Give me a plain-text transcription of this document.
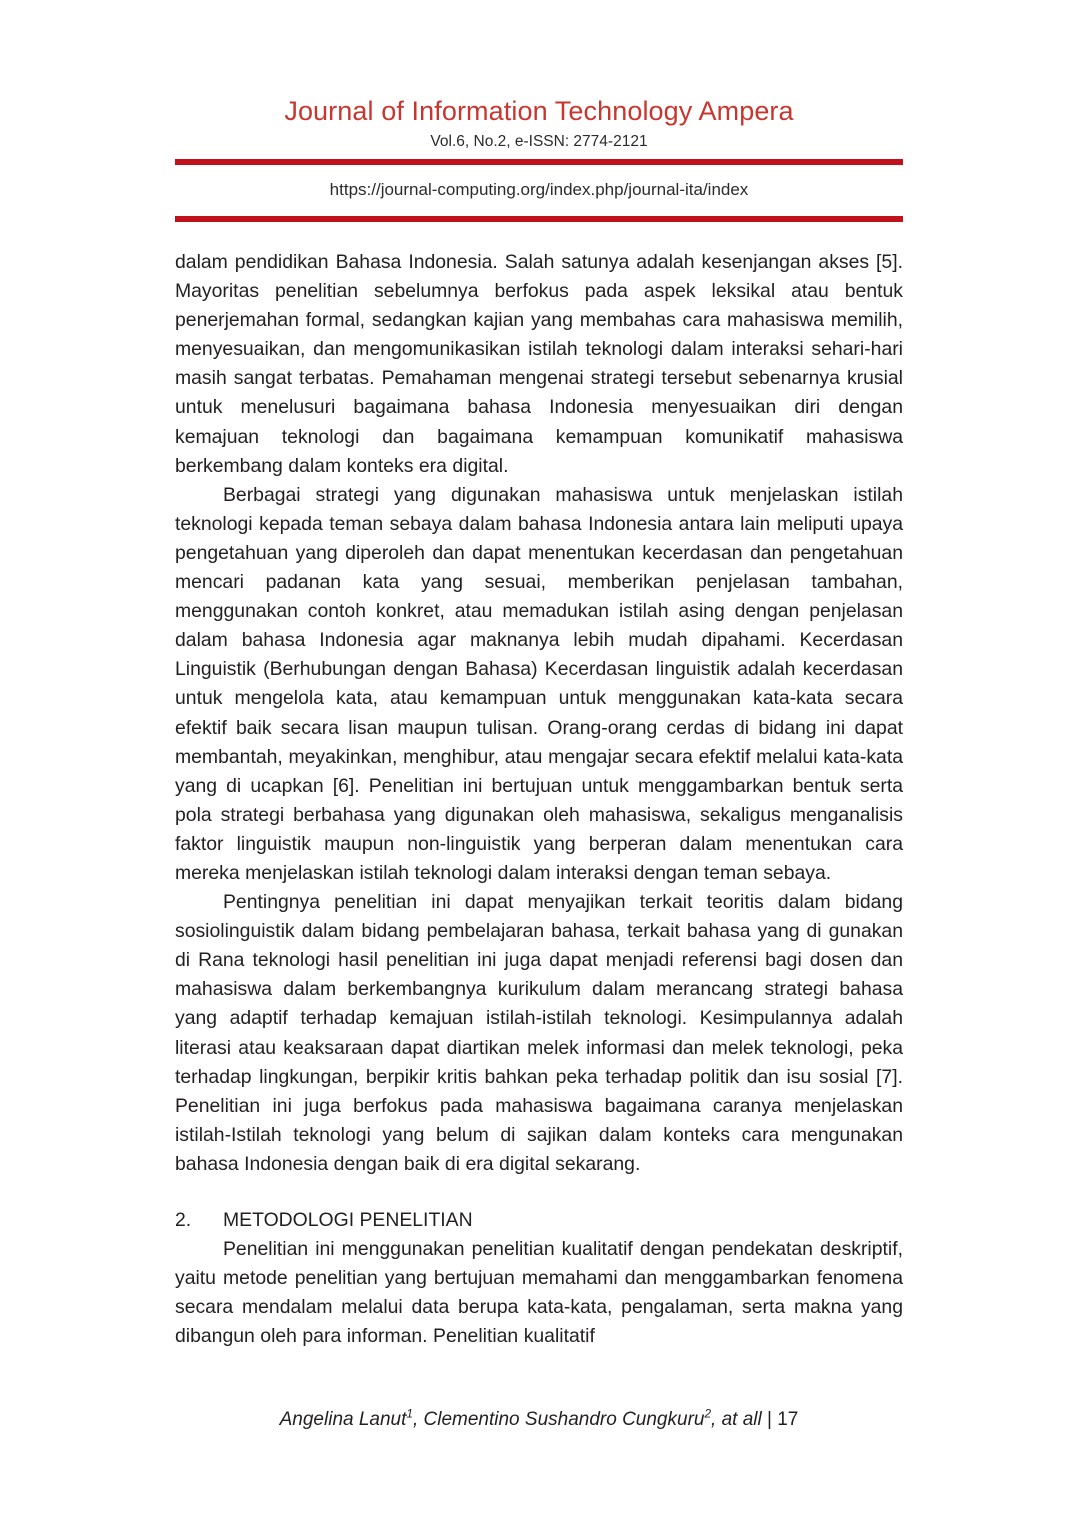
Journal of Information Technology Ampera
Vol.6, No.2, e-ISSN: 2774-2121
https://journal-computing.org/index.php/journal-ita/index

dalam pendidikan Bahasa Indonesia. Salah satunya adalah kesenjangan akses [5]. Mayoritas penelitian sebelumnya berfokus pada aspek leksikal atau bentuk penerjemahan formal, sedangkan kajian yang membahas cara mahasiswa memilih, menyesuaikan, dan mengomunikasikan istilah teknologi dalam interaksi sehari-hari masih sangat terbatas. Pemahaman mengenai strategi tersebut sebenarnya krusial untuk menelusuri bagaimana bahasa Indonesia menyesuaikan diri dengan kemajuan teknologi dan bagaimana kemampuan komunikatif mahasiswa berkembang dalam konteks era digital.

Berbagai strategi yang digunakan mahasiswa untuk menjelaskan istilah teknologi kepada teman sebaya dalam bahasa Indonesia antara lain meliputi upaya pengetahuan yang diperoleh dan dapat menentukan kecerdasan dan pengetahuan mencari padanan kata yang sesuai, memberikan penjelasan tambahan, menggunakan contoh konkret, atau memadukan istilah asing dengan penjelasan dalam bahasa Indonesia agar maknanya lebih mudah dipahami. Kecerdasan Linguistik (Berhubungan dengan Bahasa) Kecerdasan linguistik adalah kecerdasan untuk mengelola kata, atau kemampuan untuk menggunakan kata-kata secara efektif baik secara lisan maupun tulisan. Orang-orang cerdas di bidang ini dapat membantah, meyakinkan, menghibur, atau mengajar secara efektif melalui kata-kata yang di ucapkan [6]. Penelitian ini bertujuan untuk menggambarkan bentuk serta pola strategi berbahasa yang digunakan oleh mahasiswa, sekaligus menganalisis faktor linguistik maupun non-linguistik yang berperan dalam menentukan cara mereka menjelaskan istilah teknologi dalam interaksi dengan teman sebaya.

Pentingnya penelitian ini dapat menyajikan terkait teoritis dalam bidang sosiolinguistik dalam bidang pembelajaran bahasa, terkait bahasa yang di gunakan di Rana teknologi hasil penelitian ini juga dapat menjadi referensi bagi dosen dan mahasiswa dalam berkembangnya kurikulum dalam merancang strategi bahasa yang adaptif terhadap kemajuan istilah-istilah teknologi. Kesimpulannya adalah literasi atau keaksaraan dapat diartikan melek informasi dan melek teknologi, peka terhadap lingkungan, berpikir kritis bahkan peka terhadap politik dan isu sosial [7]. Penelitian ini juga berfokus pada mahasiswa bagaimana caranya menjelaskan istilah-Istilah teknologi yang belum di sajikan dalam konteks cara mengunakan bahasa Indonesia dengan baik di era digital sekarang.

2.	METODOLOGI PENELITIAN

Penelitian ini menggunakan penelitian kualitatif dengan pendekatan deskriptif, yaitu metode penelitian yang bertujuan memahami dan menggambarkan fenomena secara mendalam melalui data berupa kata-kata, pengalaman, serta makna yang dibangun oleh para informan. Penelitian kualitatif

Angelina Lanut$^1$, Clementino Sushandro Cungkuru$^2$, at all | 17
